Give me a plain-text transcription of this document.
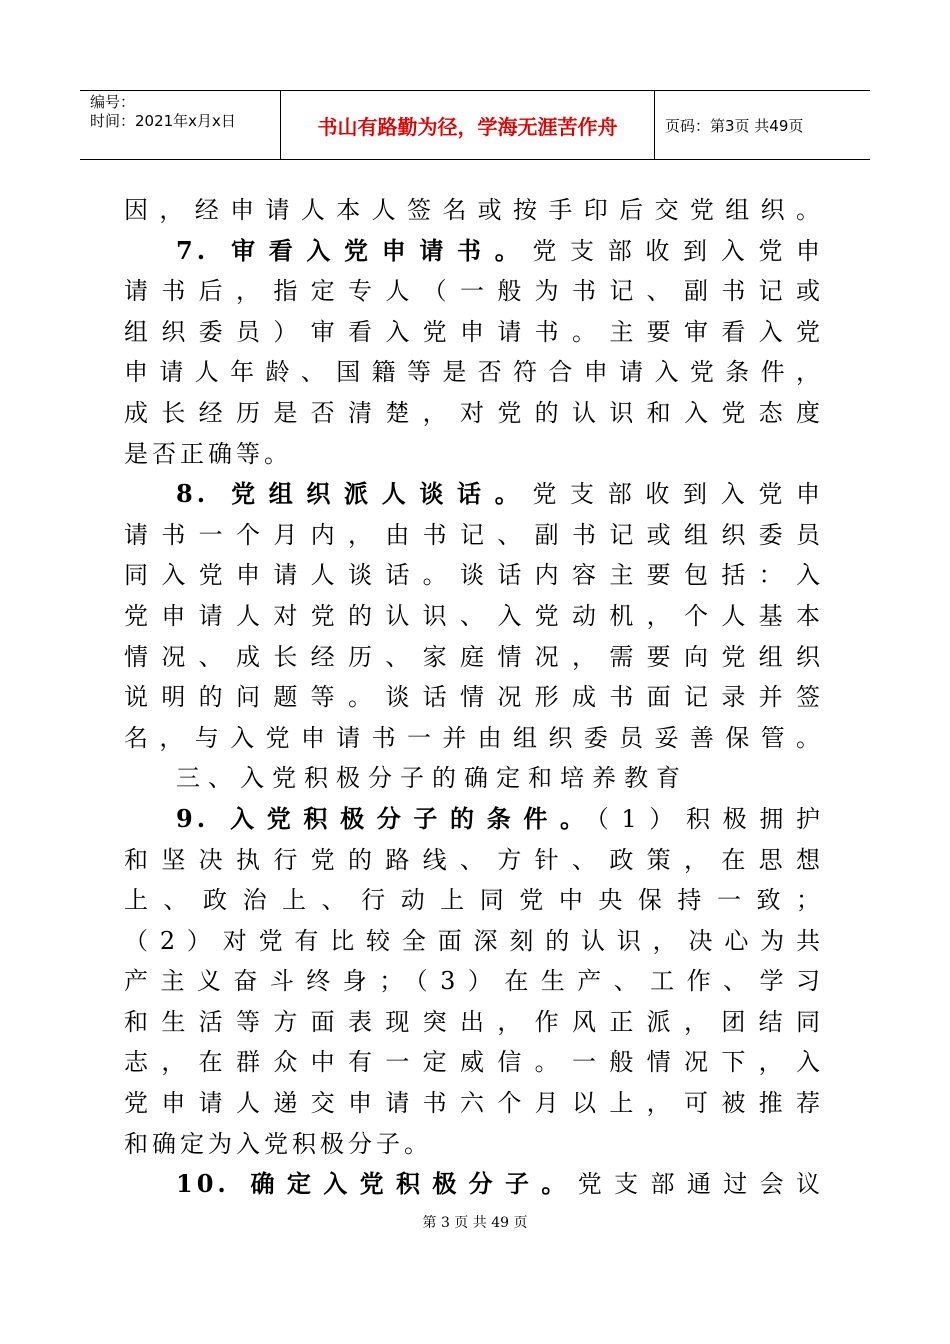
编号：
时间：2021年x月x日	书山有路勤为径，学海无涯苦作舟	页码：第3页 共49页
因，经申请人本人签名或按手印后交党组织。
7. 审看入党申请书。党支部收到入党申
请书后，指定专人（一般为书记、副书记或
组织委员）审看入党申请书。主要审看入党
申请人年龄、国籍等是否符合申请入党条件，
成长经历是否清楚，对党的认识和入党态度
是否正确等。
8. 党组织派人谈话。党支部收到入党申
请书一个月内，由书记、副书记或组织委员
同入党申请人谈话。谈话内容主要包括：入
党申请人对党的认识、入党动机，个人基本
情况、成长经历、家庭情况，需要向党组织
说明的问题等。谈话情况形成书面记录并签
名，与入党申请书一并由组织委员妥善保管。
三、入党积极分子的确定和培养教育
9. 入党积极分子的条件。（1）积极拥护
和坚决执行党的路线、方针、政策，在思想
上、政治上、行动上同党中央保持一致；
（2）对党有比较全面深刻的认识，决心为共
产主义奋斗终身；（3）在生产、工作、学习
和生活等方面表现突出，作风正派，团结同
志，在群众中有一定威信。一般情况下，入
党申请人递交申请书六个月以上，可被推荐
和确定为入党积极分子。
10. 确定入党积极分子。党支部通过会议
第 3 页 共 49 页
